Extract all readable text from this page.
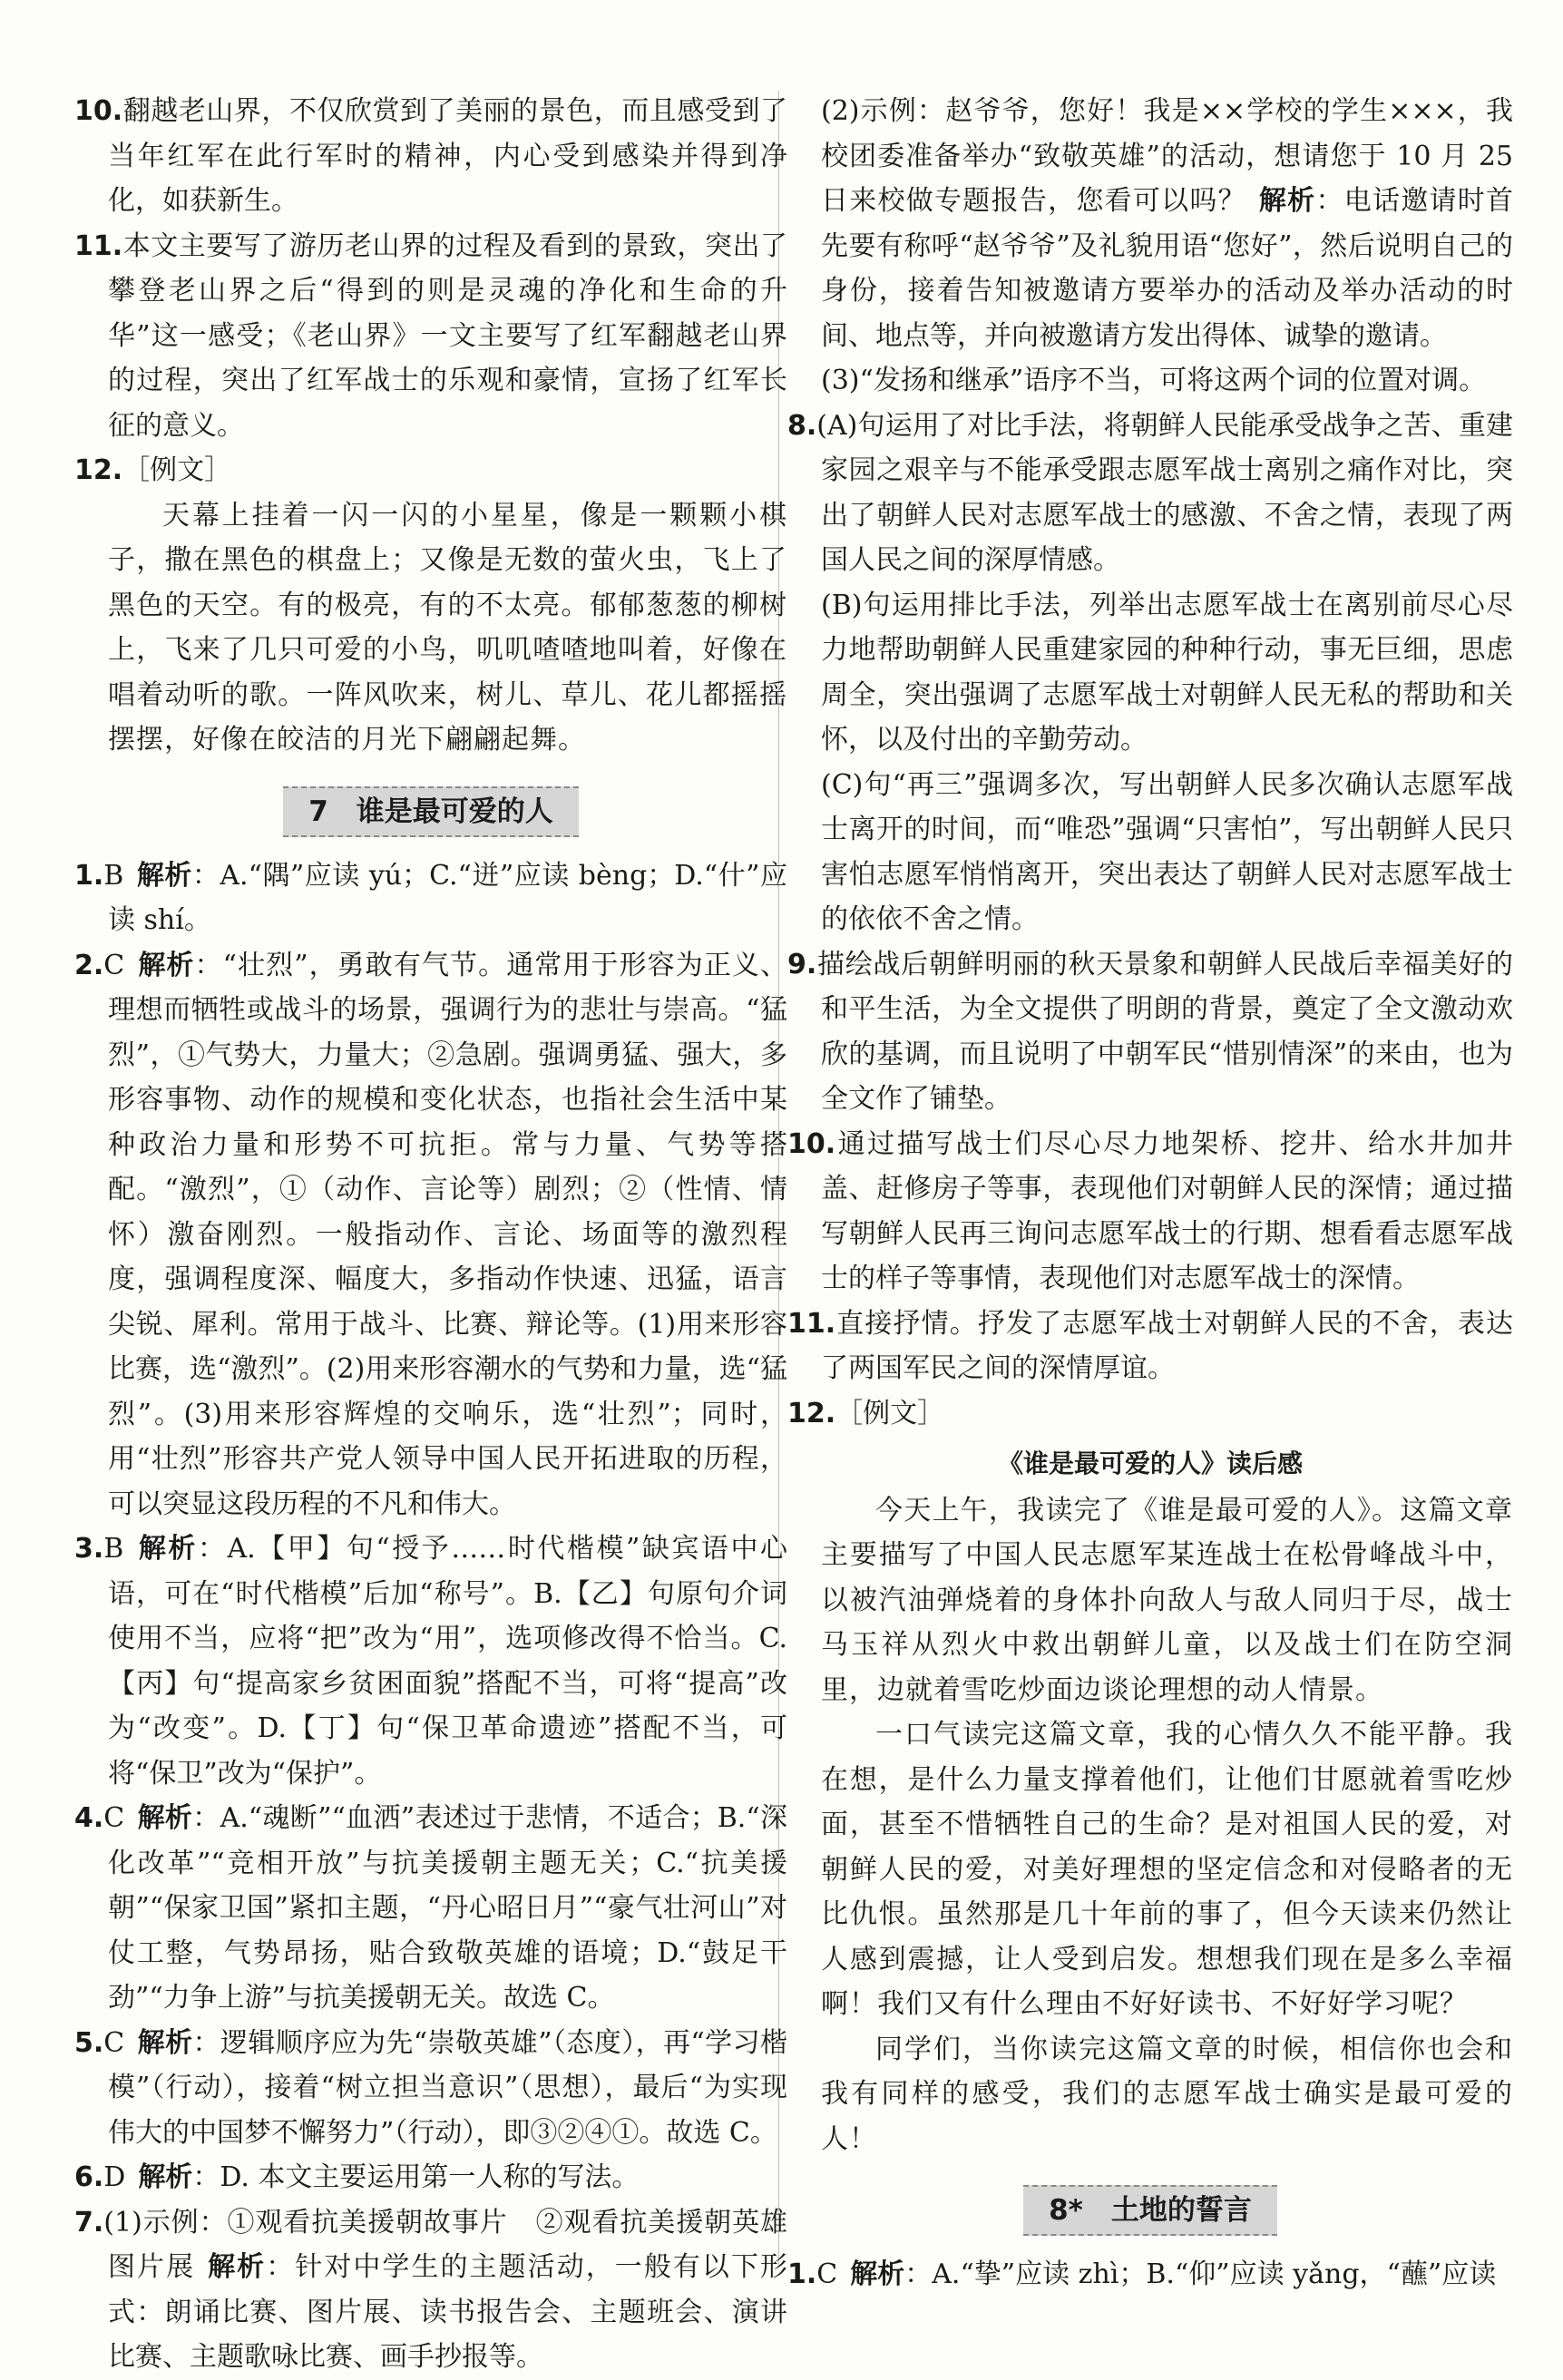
10.翻越老山界，不仅欣赏到了美丽的景色，而且感受到了当年红军在此行军时的精神，内心受到感染并得到净化，如获新生。

11.本文主要写了游历老山界的过程及看到的景致，突出了攀登老山界之后“得到的则是灵魂的净化和生命的升华”这一感受；《老山界》一文主要写了红军翻越老山界的过程，突出了红军战士的乐观和豪情，宣扬了红军长征的意义。

12.［例文］

天幕上挂着一闪一闪的小星星，像是一颗颗小棋子，撒在黑色的棋盘上；又像是无数的萤火虫，飞上了黑色的天空。有的极亮，有的不太亮。郁郁葱葱的柳树上，飞来了几只可爱的小鸟，叽叽喳喳地叫着，好像在唱着动听的歌。一阵风吹来，树儿、草儿、花儿都摇摇摆摆，好像在皎洁的月光下翩翩起舞。

7　谁是最可爱的人

1.B 解析：A.“隅”应读 yú；C.“迸”应读 bèng；D.“什”应读 shí。

2.C 解析：“壮烈”，勇敢有气节。通常用于形容为正义、理想而牺牲或战斗的场景，强调行为的悲壮与崇高。“猛烈”，①气势大，力量大；②急剧。强调勇猛、强大，多形容事物、动作的规模和变化状态，也指社会生活中某种政治力量和形势不可抗拒。常与力量、气势等搭配。“激烈”，①（动作、言论等）剧烈；②（性情、情怀）激奋刚烈。一般指动作、言论、场面等的激烈程度，强调程度深、幅度大，多指动作快速、迅猛，语言尖锐、犀利。常用于战斗、比赛、辩论等。(1)用来形容比赛，选“激烈”。(2)用来形容潮水的气势和力量，选“猛烈”。(3)用来形容辉煌的交响乐，选“壮烈”；同时，用“壮烈”形容共产党人领导中国人民开拓进取的历程，可以突显这段历程的不凡和伟大。

3.B 解析：A.【甲】句“授予……时代楷模”缺宾语中心语，可在“时代楷模”后加“称号”。B.【乙】句原句介词使用不当，应将“把”改为“用”，选项修改得不恰当。C.【丙】句“提高家乡贫困面貌”搭配不当，可将“提高”改为“改变”。D.【丁】句“保卫革命遗迹”搭配不当，可将“保卫”改为“保护”。

4.C 解析：A.“魂断”“血洒”表述过于悲情，不适合；B.“深化改革”“竞相开放”与抗美援朝主题无关；C.“抗美援朝”“保家卫国”紧扣主题，“丹心昭日月”“豪气壮河山”对仗工整，气势昂扬，贴合致敬英雄的语境；D.“鼓足干劲”“力争上游”与抗美援朝无关。故选 C。

5.C 解析：逻辑顺序应为先“崇敬英雄”（态度），再“学习楷模”（行动），接着“树立担当意识”（思想），最后“为实现伟大的中国梦不懈努力”（行动），即③②④①。故选 C。

6.D 解析：D. 本文主要运用第一人称的写法。

7.(1)示例：①观看抗美援朝故事片　②观看抗美援朝英雄图片展 解析：针对中学生的主题活动，一般有以下形式：朗诵比赛、图片展、读书报告会、主题班会、演讲比赛、主题歌咏比赛、画手抄报等。

(2)示例：赵爷爷，您好！我是××学校的学生×××，我校团委准备举办“致敬英雄”的活动，想请您于 10 月 25 日来校做专题报告，您看可以吗？ 解析：电话邀请时首先要有称呼“赵爷爷”及礼貌用语“您好”，然后说明自己的身份，接着告知被邀请方要举办的活动及举办活动的时间、地点等，并向被邀请方发出得体、诚挚的邀请。

(3)“发扬和继承”语序不当，可将这两个词的位置对调。

8.(A)句运用了对比手法，将朝鲜人民能承受战争之苦、重建家园之艰辛与不能承受跟志愿军战士离别之痛作对比，突出了朝鲜人民对志愿军战士的感激、不舍之情，表现了两国人民之间的深厚情感。

(B)句运用排比手法，列举出志愿军战士在离别前尽心尽力地帮助朝鲜人民重建家园的种种行动，事无巨细，思虑周全，突出强调了志愿军战士对朝鲜人民无私的帮助和关怀，以及付出的辛勤劳动。

(C)句“再三”强调多次，写出朝鲜人民多次确认志愿军战士离开的时间，而“唯恐”强调“只害怕”，写出朝鲜人民只害怕志愿军悄悄离开，突出表达了朝鲜人民对志愿军战士的依依不舍之情。

9.描绘战后朝鲜明丽的秋天景象和朝鲜人民战后幸福美好的和平生活，为全文提供了明朗的背景，奠定了全文激动欢欣的基调，而且说明了中朝军民“惜别情深”的来由，也为全文作了铺垫。

10.通过描写战士们尽心尽力地架桥、挖井、给水井加井盖、赶修房子等事，表现他们对朝鲜人民的深情；通过描写朝鲜人民再三询问志愿军战士的行期、想看看志愿军战士的样子等事情，表现他们对志愿军战士的深情。

11.直接抒情。抒发了志愿军战士对朝鲜人民的不舍，表达了两国军民之间的深情厚谊。

12.［例文］

《谁是最可爱的人》读后感

今天上午，我读完了《谁是最可爱的人》。这篇文章主要描写了中国人民志愿军某连战士在松骨峰战斗中，以被汽油弹烧着的身体扑向敌人与敌人同归于尽，战士马玉祥从烈火中救出朝鲜儿童，以及战士们在防空洞里，边就着雪吃炒面边谈论理想的动人情景。

一口气读完这篇文章，我的心情久久不能平静。我在想，是什么力量支撑着他们，让他们甘愿就着雪吃炒面，甚至不惜牺牲自己的生命？是对祖国人民的爱，对朝鲜人民的爱，对美好理想的坚定信念和对侵略者的无比仇恨。虽然那是几十年前的事了，但今天读来仍然让人感到震撼，让人受到启发。想想我们现在是多么幸福啊！我们又有什么理由不好好读书、不好好学习呢？

同学们，当你读完这篇文章的时候，相信你也会和我有同样的感受，我们的志愿军战士确实是最可爱的人！

8*　土地的誓言

1.C 解析：A.“挚”应读 zhì；B.“仰”应读 yǎng，“蘸”应读
